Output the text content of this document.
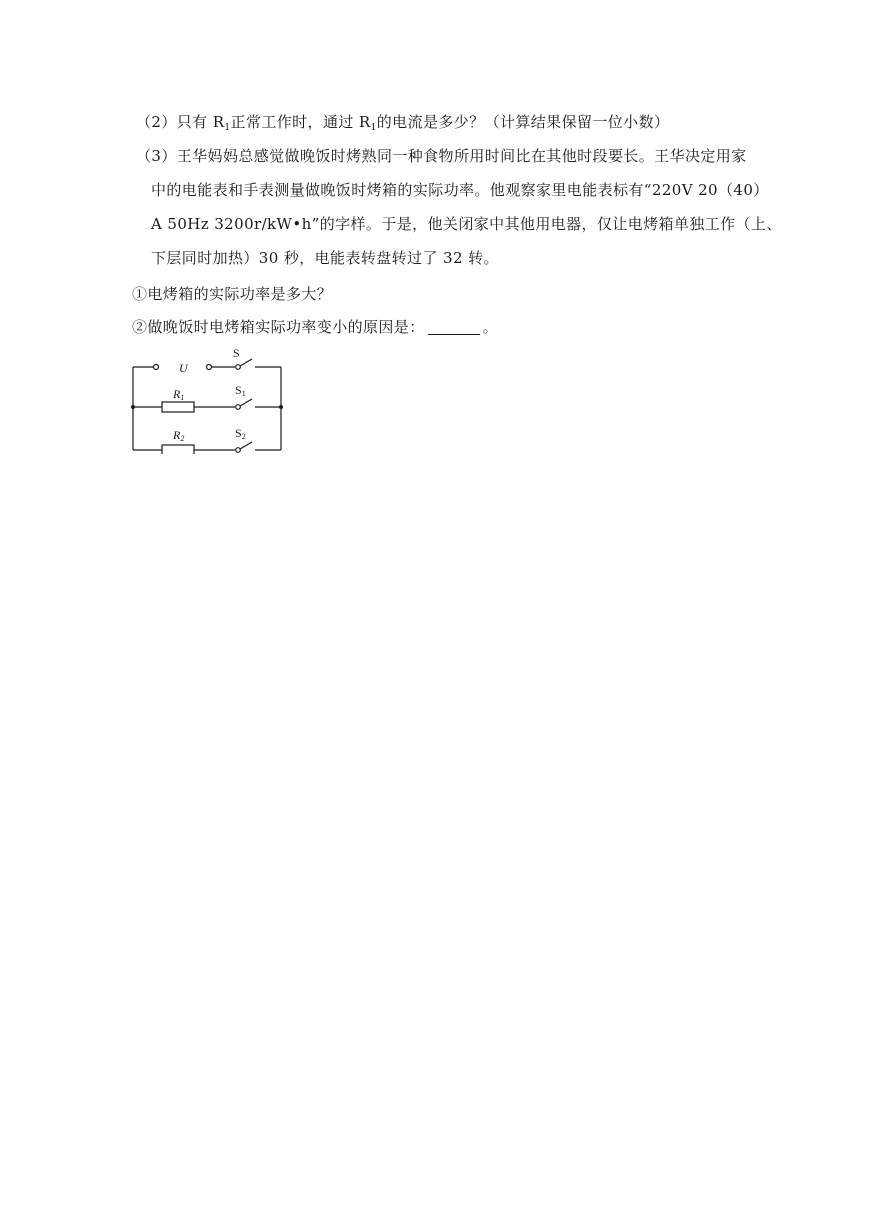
（2）只有 $R_1$正常工作时，通过 $R_1$的电流是多少？（计算结果保留一位小数）
（3）王华妈妈总感觉做晚饭时烤熟同一种食物所用时间比在其他时段要长。王华决定用家
中的电能表和手表测量做晚饭时烤箱的实际功率。他观察家里电能表标有“220V 20（40）
A 50Hz 3200r/kW•h”的字样。于是，他关闭家中其他用电器，仅让电烤箱单独工作（上、
下层同时加热）30 秒，电能表转盘转过了 32 转。
①电烤箱的实际功率是多大？
②做晚饭时电烤箱实际功率变小的原因是：	。
U
S
R1
S1
R2	S2
